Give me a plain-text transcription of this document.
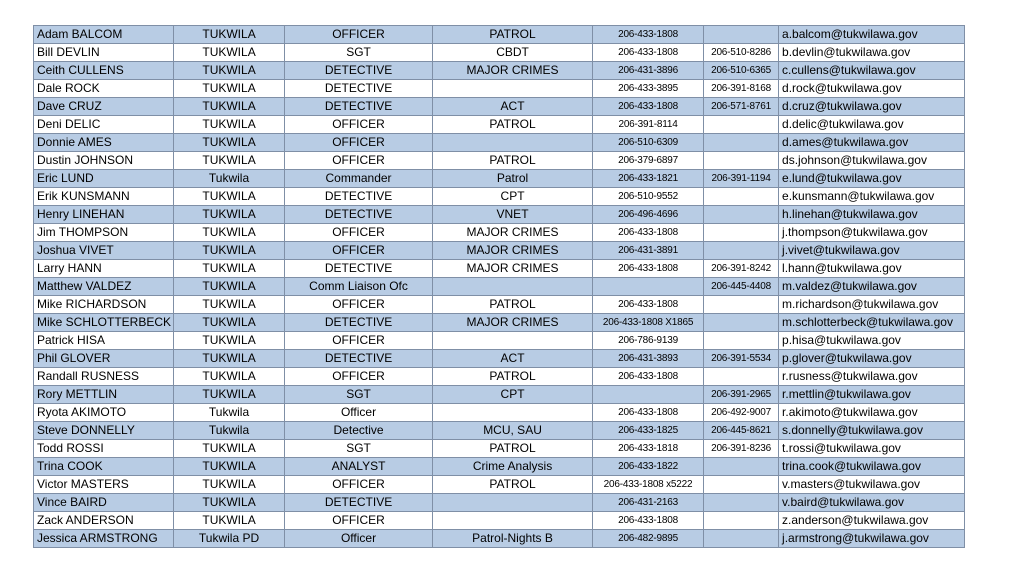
Adam BALCOM	TUKWILA	OFFICER	PATROL	206-433-1808		a.balcom@tukwilawa.gov
Bill DEVLIN	TUKWILA	SGT	CBDT	206-433-1808	206-510-8286	b.devlin@tukwilawa.gov
Ceith CULLENS	TUKWILA	DETECTIVE	MAJOR CRIMES	206-431-3896	206-510-6365	c.cullens@tukwilawa.gov
Dale ROCK	TUKWILA	DETECTIVE		206-433-3895	206-391-8168	d.rock@tukwilawa.gov
Dave CRUZ	TUKWILA	DETECTIVE	ACT	206-433-1808	206-571-8761	d.cruz@tukwilawa.gov
Deni DELIC	TUKWILA	OFFICER	PATROL	206-391-8114		d.delic@tukwilawa.gov
Donnie AMES	TUKWILA	OFFICER		206-510-6309		d.ames@tukwilawa.gov
Dustin JOHNSON	TUKWILA	OFFICER	PATROL	206-379-6897		ds.johnson@tukwilawa.gov
Eric LUND	Tukwila	Commander	Patrol	206-433-1821	206-391-1194	e.lund@tukwilawa.gov
Erik KUNSMANN	TUKWILA	DETECTIVE	CPT	206-510-9552		e.kunsmann@tukwilawa.gov
Henry LINEHAN	TUKWILA	DETECTIVE	VNET	206-496-4696		h.linehan@tukwilawa.gov
Jim THOMPSON	TUKWILA	OFFICER	MAJOR CRIMES	206-433-1808		j.thompson@tukwilawa.gov
Joshua VIVET	TUKWILA	OFFICER	MAJOR CRIMES	206-431-3891		j.vivet@tukwilawa.gov
Larry HANN	TUKWILA	DETECTIVE	MAJOR CRIMES	206-433-1808	206-391-8242	l.hann@tukwilawa.gov
Matthew VALDEZ	TUKWILA	Comm Liaison Ofc			206-445-4408	m.valdez@tukwilawa.gov
Mike RICHARDSON	TUKWILA	OFFICER	PATROL	206-433-1808		m.richardson@tukwilawa.gov
Mike SCHLOTTERBECK	TUKWILA	DETECTIVE	MAJOR CRIMES	206-433-1808 X1865		m.schlotterbeck@tukwilawa.gov
Patrick HISA	TUKWILA	OFFICER		206-786-9139		p.hisa@tukwilawa.gov
Phil GLOVER	TUKWILA	DETECTIVE	ACT	206-431-3893	206-391-5534	p.glover@tukwilawa.gov
Randall RUSNESS	TUKWILA	OFFICER	PATROL	206-433-1808		r.rusness@tukwilawa.gov
Rory METTLIN	TUKWILA	SGT	CPT		206-391-2965	r.mettlin@tukwilawa.gov
Ryota AKIMOTO	Tukwila	Officer		206-433-1808	206-492-9007	r.akimoto@tukwilawa.gov
Steve DONNELLY	Tukwila	Detective	MCU, SAU	206-433-1825	206-445-8621	s.donnelly@tukwilawa.gov
Todd ROSSI	TUKWILA	SGT	PATROL	206-433-1818	206-391-8236	t.rossi@tukwilawa.gov
Trina COOK	TUKWILA	ANALYST	Crime Analysis	206-433-1822		trina.cook@tukwilawa.gov
Victor MASTERS	TUKWILA	OFFICER	PATROL	206-433-1808 x5222		v.masters@tukwilawa.gov
Vince BAIRD	TUKWILA	DETECTIVE		206-431-2163		v.baird@tukwilawa.gov
Zack ANDERSON	TUKWILA	OFFICER		206-433-1808		z.anderson@tukwilawa.gov
Jessica ARMSTRONG	Tukwila PD	Officer	Patrol-Nights B	206-482-9895		j.armstrong@tukwilawa.gov
